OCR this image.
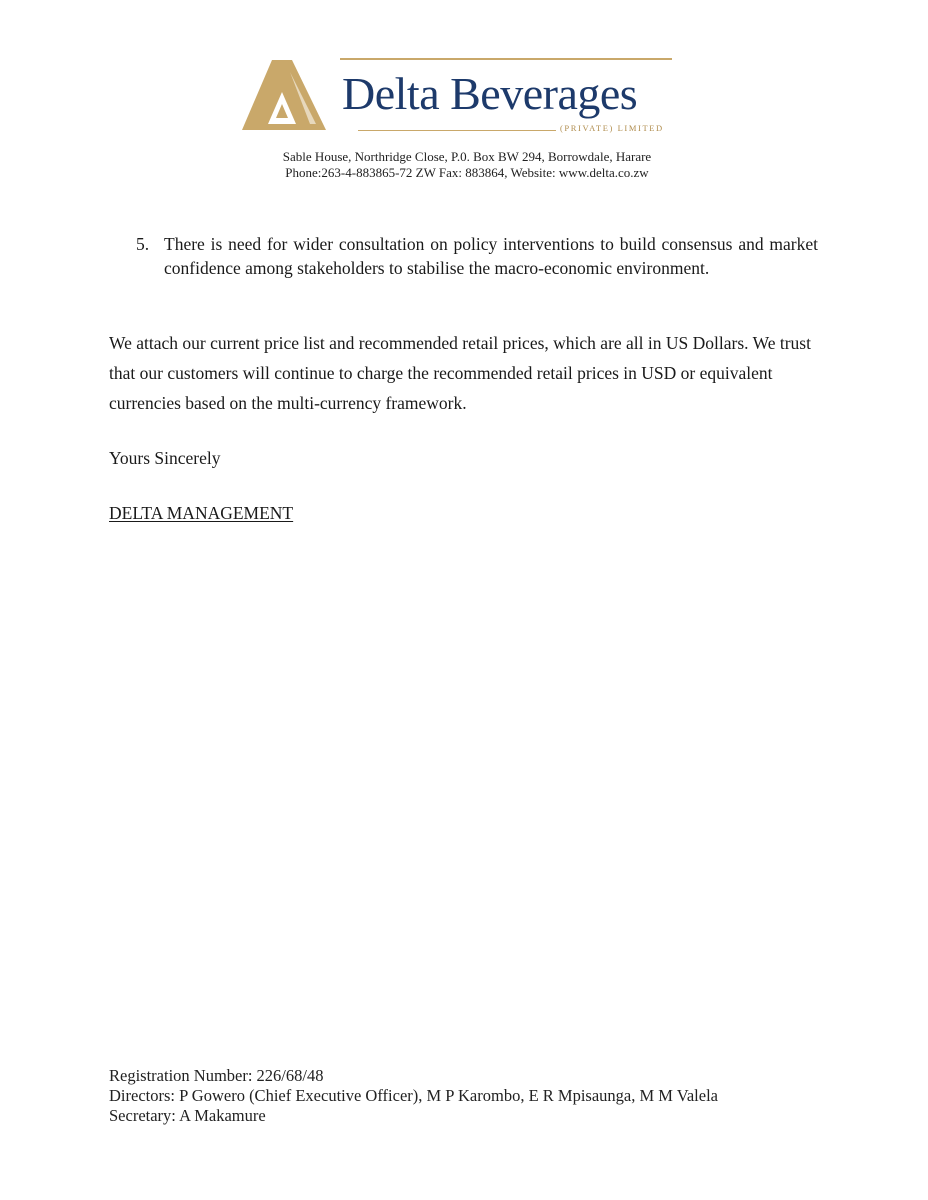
Delta Beverages
(PRIVATE) LIMITED
Sable House, Northridge Close, P.0. Box BW 294, Borrowdale, Harare
Phone:263-4-883865-72 ZW Fax: 883864, Website: www.delta.co.zw
5. There is need for wider consultation on policy interventions to build consensus and market confidence among stakeholders to stabilise the macro-economic environment.
We attach our current price list and recommended retail prices, which are all in US Dollars. We trust that our customers will continue to charge the recommended retail prices in USD or equivalent currencies based on the multi-currency framework.
Yours Sincerely
DELTA MANAGEMENT
Registration Number: 226/68/48
Directors: P Gowero (Chief Executive Officer), M P Karombo, E R Mpisaunga, M M Valela
Secretary: A Makamure
